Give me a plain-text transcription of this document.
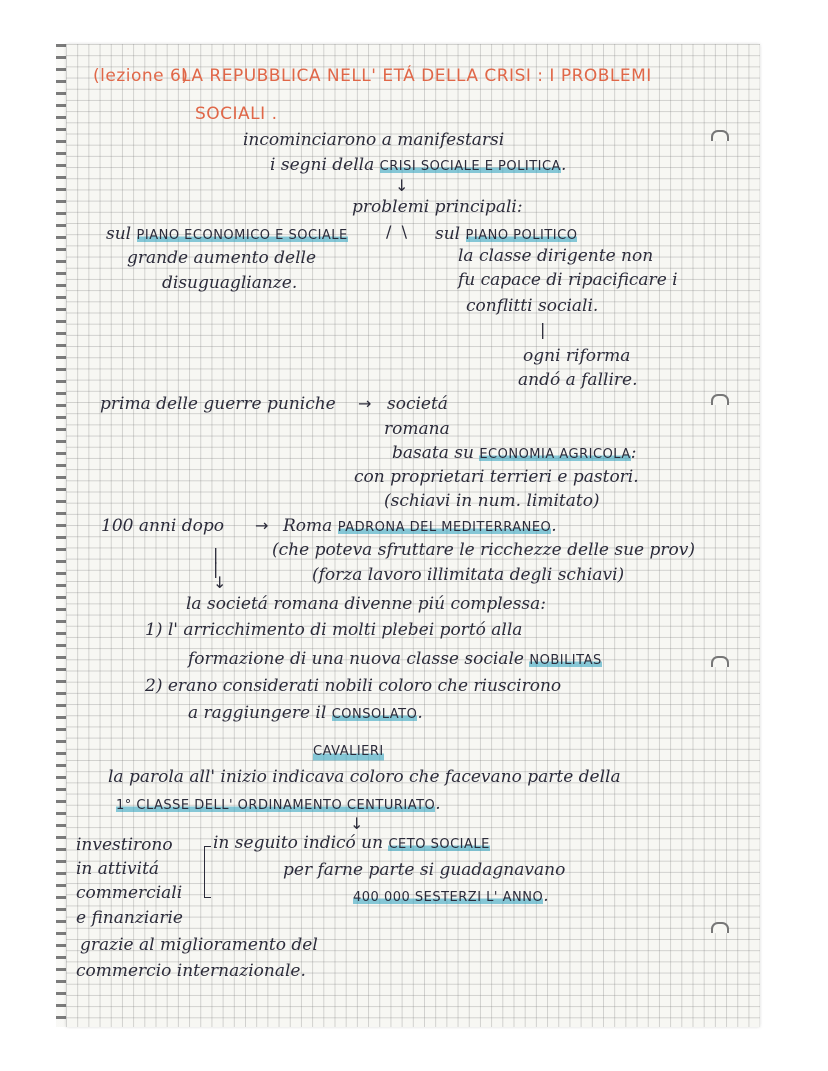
(lezione 6)
LA REPUBBLICA NELL' ETÁ DELLA CRISI : I PROBLEMI
SOCIALI .
incominciarono a manifestarsi
i segni della CRISI SOCIALE E POLITICA.
↓
problemi principali:
sul PIANO ECONOMICO E SOCIALE /  \ sul PIANO POLITICO
grande aumento delle
disuguaglianze.
la classe dirigente non
fu capace di ripacificare i
conflitti sociali.
|
ogni riforma
andó a fallire.
prima delle guerre puniche → societá
romana
basata su ECONOMIA AGRICOLA:
con proprietari terrieri e pastori.
(schiavi in num. limitato)
100 anni dopo → Roma PADRONA DEL MEDITERRANEO.
(che poteva sfruttare le ricchezze delle sue prov)
(forza lavoro illimitata degli schiavi)
|
|
↓
la societá romana divenne piú complessa:
1) l' arricchimento di molti plebei portó alla
formazione di una nuova classe sociale NOBILITAS
2) erano considerati nobili coloro che riuscirono
a raggiungere il CONSOLATO.
CAVALIERI
la parola all' inizio indicava coloro che facevano parte della
1° CLASSE DELL' ORDINAMENTO CENTURIATO.
↓
investirono
in attivitá
commerciali
e finanziarie
in seguito indicó un CETO SOCIALE
per farne parte si guadagnavano
400 000 SESTERZI L' ANNO.
grazie al miglioramento del
commercio internazionale.
